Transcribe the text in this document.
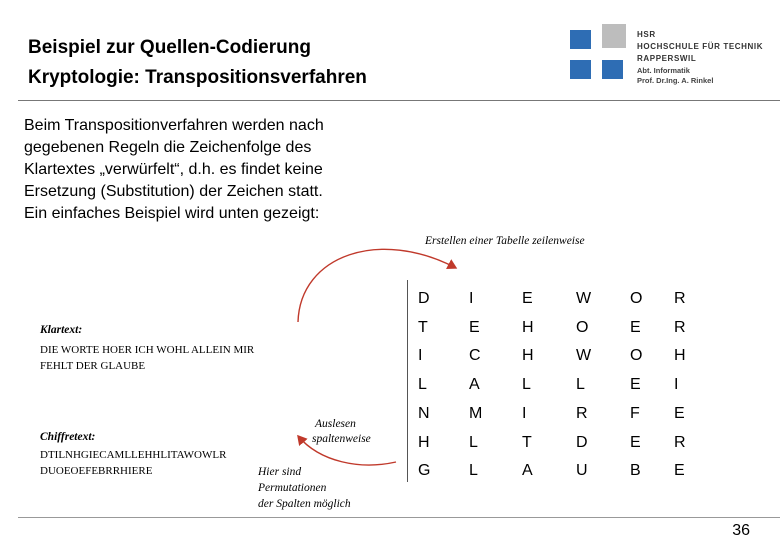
Beispiel zur Quellen-Codierung
Kryptologie: Transpositionsverfahren
HSR
HOCHSCHULE FÜR TECHNIK
RAPPERSWIL
Abt. Informatik
Prof. Dr.Ing. A. Rinkel
Beim Transpositionverfahren werden nach
gegebenen Regeln die Zeichenfolge des
Klartextes „verwürfelt“, d.h. es findet keine
Ersetzung (Substitution) der Zeichen statt.
Ein einfaches Beispiel wird unten gezeigt:
Erstellen einer Tabelle zeilenweise
Klartext:
DIE WORTE HOER ICH WOHL ALLEIN MIR
FEHLT DER GLAUBE
Auslesen
spaltenweise
Chiffretext:
DTILNHGIECAMLLEHHLITAWOWLR
DUOEOEFEBRRHIERE	Hier sind
Permutationen
der Spalten möglich
D	I	E	W	O	R
T	E	H	O	E	R
I	C	H	W	O	H
L	A	L	L	E	I
N	M	I	R	F	E
H	L	T	D	E	R
G	L	A	U	B	E
36
